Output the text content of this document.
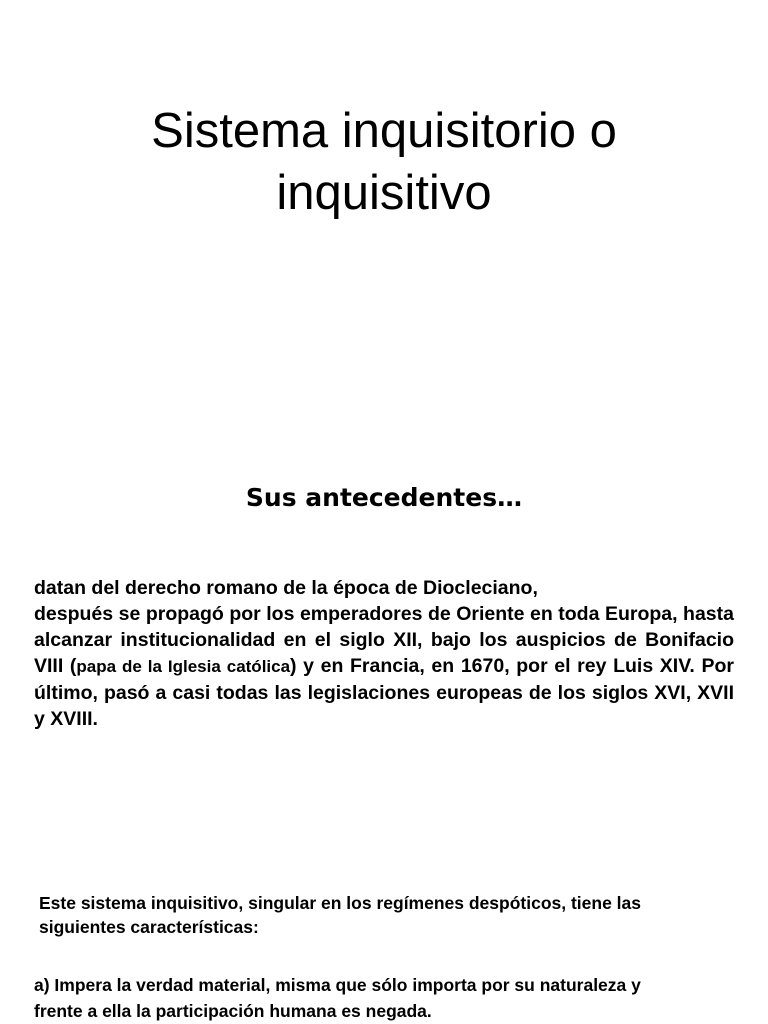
Sistema inquisitorio o
inquisitivo
Sus antecedentes…
datan del derecho romano de la época de Diocleciano,
después se propagó por los emperadores de Oriente en toda Europa, hasta alcanzar institucionalidad en el siglo XII, bajo los auspicios de Bonifacio VIII (papa de la Iglesia católica) y en Francia, en 1670, por el rey Luis XIV. Por último, pasó a casi todas las legislaciones europeas de los siglos XVI, XVII y XVIII.
Este sistema inquisitivo, singular en los regímenes despóticos, tiene las
siguientes características:
a) Impera la verdad material, misma que sólo importa por su naturaleza y
frente a ella la participación humana es negada.
